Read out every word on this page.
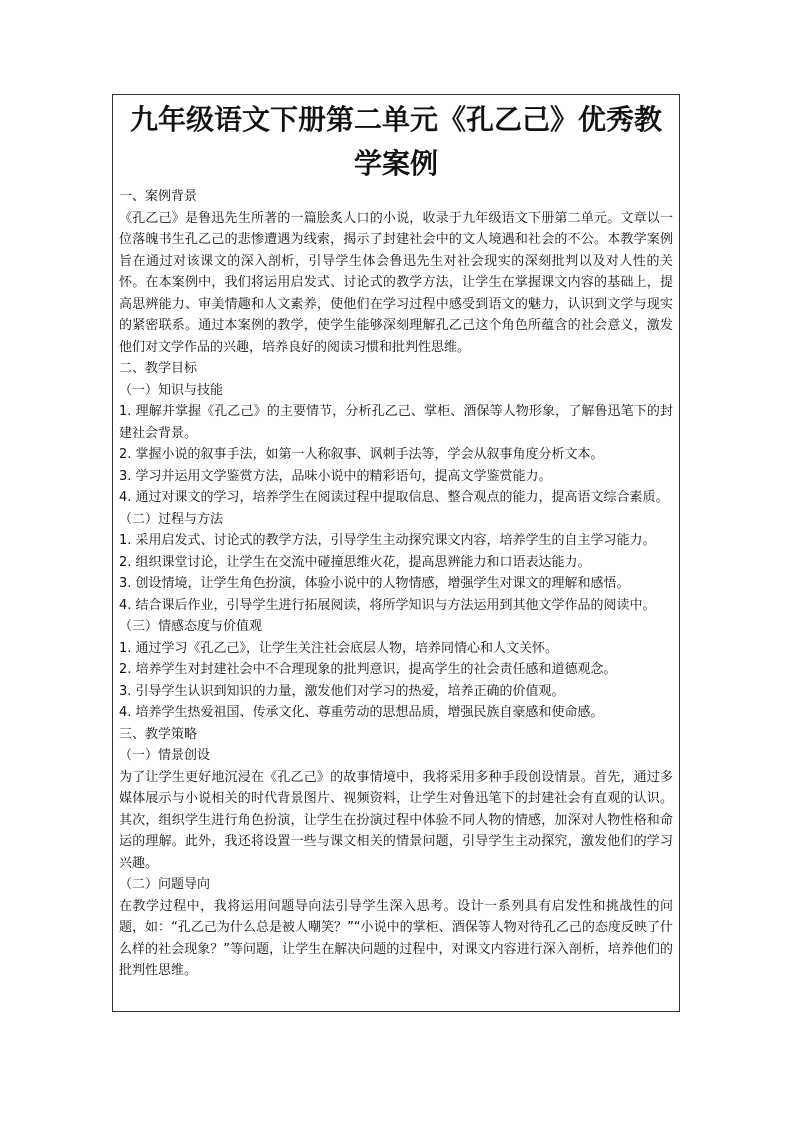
九年级语文下册第二单元《孔乙己》优秀教学案例

一、案例背景

《孔乙己》是鲁迅先生所著的一篇脍炙人口的小说，收录于九年级语文下册第二单元。文章以一位落魄书生孔乙己的悲惨遭遇为线索，揭示了封建社会中的文人境遇和社会的不公。本教学案例旨在通过对该课文的深入剖析，引导学生体会鲁迅先生对社会现实的深刻批判以及对人性的关怀。在本案例中，我们将运用启发式、讨论式的教学方法，让学生在掌握课文内容的基础上，提高思辨能力、审美情趣和人文素养，使他们在学习过程中感受到语文的魅力，认识到文学与现实的紧密联系。通过本案例的教学，使学生能够深刻理解孔乙己这个角色所蕴含的社会意义，激发他们对文学作品的兴趣，培养良好的阅读习惯和批判性思维。

二、教学目标

（一）知识与技能

1. 理解并掌握《孔乙己》的主要情节，分析孔乙己、掌柜、酒保等人物形象，了解鲁迅笔下的封建社会背景。

2. 掌握小说的叙事手法，如第一人称叙事、讽刺手法等，学会从叙事角度分析文本。

3. 学习并运用文学鉴赏方法，品味小说中的精彩语句，提高文学鉴赏能力。

4. 通过对课文的学习，培养学生在阅读过程中提取信息、整合观点的能力，提高语文综合素质。

（二）过程与方法

1. 采用启发式、讨论式的教学方法，引导学生主动探究课文内容，培养学生的自主学习能力。

2. 组织课堂讨论，让学生在交流中碰撞思维火花，提高思辨能力和口语表达能力。

3. 创设情境，让学生角色扮演，体验小说中的人物情感，增强学生对课文的理解和感悟。

4. 结合课后作业，引导学生进行拓展阅读，将所学知识与方法运用到其他文学作品的阅读中。

（三）情感态度与价值观

1. 通过学习《孔乙己》，让学生关注社会底层人物，培养同情心和人文关怀。

2. 培养学生对封建社会中不合理现象的批判意识，提高学生的社会责任感和道德观念。

3. 引导学生认识到知识的力量，激发他们对学习的热爱，培养正确的价值观。

4. 培养学生热爱祖国、传承文化、尊重劳动的思想品质，增强民族自豪感和使命感。

三、教学策略

（一）情景创设

为了让学生更好地沉浸在《孔乙己》的故事情境中，我将采用多种手段创设情景。首先，通过多媒体展示与小说相关的时代背景图片、视频资料，让学生对鲁迅笔下的封建社会有直观的认识。其次，组织学生进行角色扮演，让学生在扮演过程中体验不同人物的情感，加深对人物性格和命运的理解。此外，我还将设置一些与课文相关的情景问题，引导学生主动探究，激发他们的学习兴趣。

（二）问题导向

在教学过程中，我将运用问题导向法引导学生深入思考。设计一系列具有启发性和挑战性的问题，如：“孔乙己为什么总是被人嘲笑？”“小说中的掌柜、酒保等人物对待孔乙己的态度反映了什么样的社会现象？”等问题，让学生在解决问题的过程中，对课文内容进行深入剖析，培养他们的批判性思维。
